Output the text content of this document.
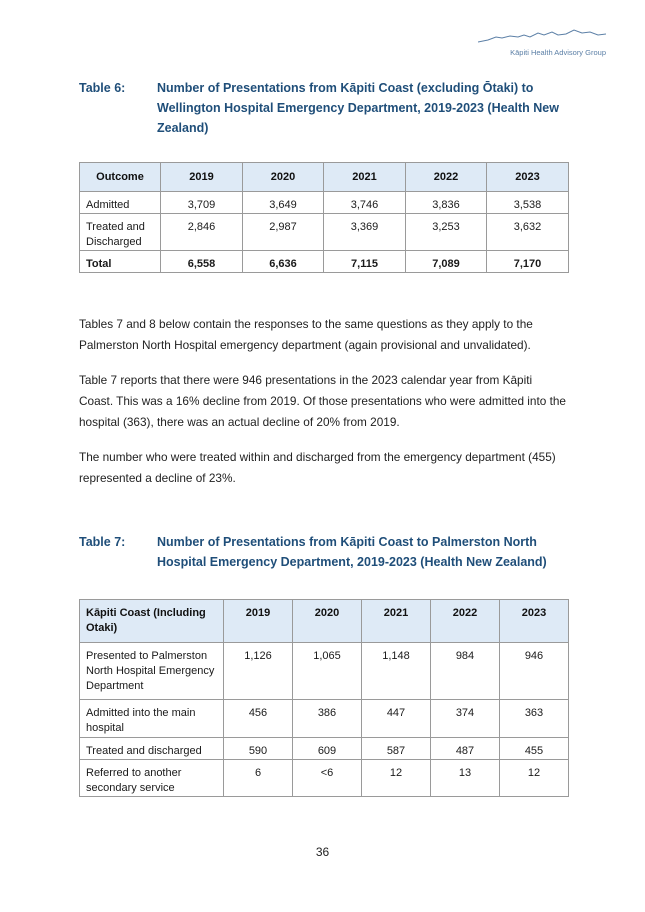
Kāpiti Health Advisory Group
Table 6:	Number of Presentations from Kāpiti Coast (excluding Ōtaki) to Wellington Hospital Emergency Department, 2019-2023 (Health New Zealand)
Outcome	2019	2020	2021	2022	2023
Admitted	3,709	3,649	3,746	3,836	3,538
Treated and Discharged	2,846	2,987	3,369	3,253	3,632
Total	6,558	6,636	7,115	7,089	7,170

Tables 7 and 8 below contain the responses to the same questions as they apply to the Palmerston North Hospital emergency department (again provisional and unvalidated).

Table 7 reports that there were 946 presentations in the 2023 calendar year from Kāpiti Coast. This was a 16% decline from 2019. Of those presentations who were admitted into the hospital (363), there was an actual decline of 20% from 2019.

The number who were treated within and discharged from the emergency department (455) represented a decline of 23%.

Table 7:	Number of Presentations from Kāpiti Coast to Palmerston North Hospital Emergency Department, 2019-2023 (Health New Zealand)
Kāpiti Coast (Including Otaki)	2019	2020	2021	2022	2023
Presented to Palmerston North Hospital Emergency Department	1,126	1,065	1,148	984	946
Admitted into the main hospital	456	386	447	374	363
Treated and discharged	590	609	587	487	455
Referred to another secondary service	6	<6	12	13	12
36
